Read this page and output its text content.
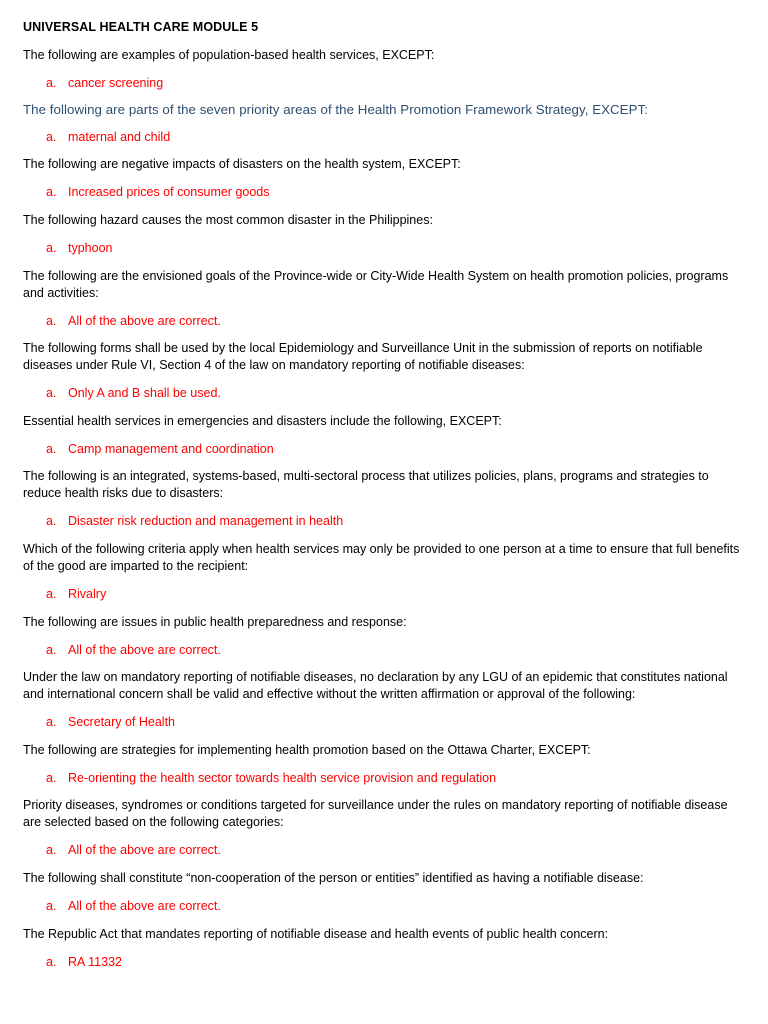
UNIVERSAL HEALTH CARE MODULE 5
The following are examples of population-based health services, EXCEPT:
a. cancer screening
The following are parts of the seven priority areas of the Health Promotion Framework Strategy, EXCEPT:
a. maternal and child
The following are negative impacts of disasters on the health system, EXCEPT:
a. Increased prices of consumer goods
The following hazard causes the most common disaster in the Philippines:
a. typhoon
The following are the envisioned goals of the Province-wide or City-Wide Health System on health promotion policies, programs and activities:
a. All of the above are correct.
The following forms shall be used by the local Epidemiology and Surveillance Unit in the submission of reports on notifiable diseases under Rule VI, Section 4 of the law on mandatory reporting of notifiable diseases:
a. Only A and B shall be used.
Essential health services in emergencies and disasters include the following, EXCEPT:
a. Camp management and coordination
The following is an integrated, systems-based, multi-sectoral process that utilizes policies, plans, programs and strategies to reduce health risks due to disasters:
a. Disaster risk reduction and management in health
Which of the following criteria apply when health services may only be provided to one person at a time to ensure that full benefits of the good are imparted to the recipient:
a. Rivalry
The following are issues in public health preparedness and response:
a. All of the above are correct.
Under the law on mandatory reporting of notifiable diseases, no declaration by any LGU of an epidemic that constitutes national and international concern shall be valid and effective without the written affirmation or approval of the following:
a. Secretary of Health
The following are strategies for implementing health promotion based on the Ottawa Charter, EXCEPT:
a. Re-orienting the health sector towards health service provision and regulation
Priority diseases, syndromes or conditions targeted for surveillance under the rules on mandatory reporting of notifiable disease are selected based on the following categories:
a. All of the above are correct.
The following shall constitute “non-cooperation of the person or entities” identified as having a notifiable disease:
a. All of the above are correct.
The Republic Act that mandates reporting of notifiable disease and health events of public health concern:
a. RA 11332
